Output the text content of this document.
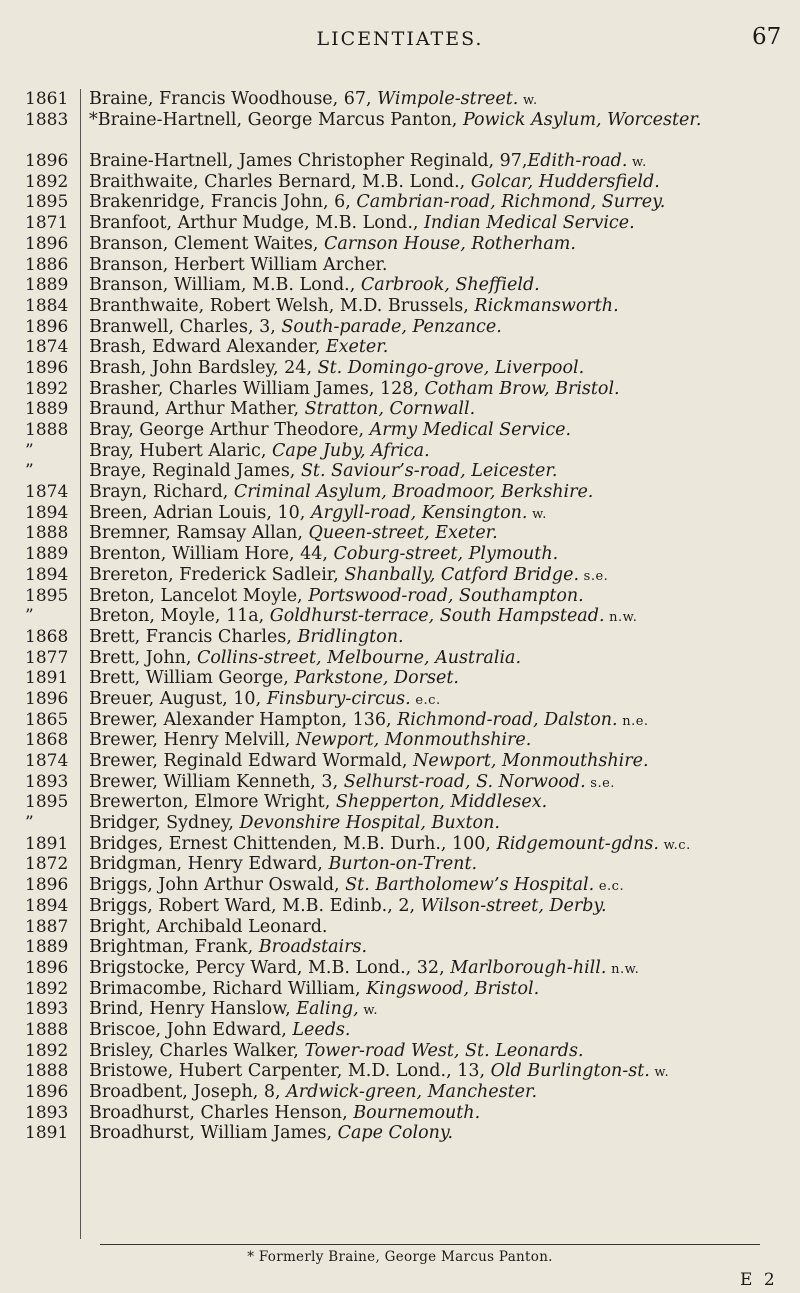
LICENTIATES.	67
1861	Braine, Francis Woodhouse, 67, Wimpole-street. w.
1883	*Braine-Hartnell, George Marcus Panton, Powick Asylum, Worcester.
1896	Braine-Hartnell, James Christopher Reginald, 97,Edith-road. w.
1892	Braithwaite, Charles Bernard, M.B. Lond., Golcar, Huddersfield.
1895	Brakenridge, Francis John, 6, Cambrian-road, Richmond, Surrey.
1871	Branfoot, Arthur Mudge, M.B. Lond., Indian Medical Service.
1896	Branson, Clement Waites, Carnson House, Rotherham.
1886	Branson, Herbert William Archer.
1889	Branson, William, M.B. Lond., Carbrook, Sheffield.
1884	Branthwaite, Robert Welsh, M.D. Brussels, Rickmansworth.
1896	Branwell, Charles, 3, South-parade, Penzance.
1874	Brash, Edward Alexander, Exeter.
1896	Brash, John Bardsley, 24, St. Domingo-grove, Liverpool.
1892	Brasher, Charles William James, 128, Cotham Brow, Bristol.
1889	Braund, Arthur Mather, Stratton, Cornwall.
1888	Bray, George Arthur Theodore, Army Medical Service.
”	Bray, Hubert Alaric, Cape Juby, Africa.
”	Braye, Reginald James, St. Saviour’s-road, Leicester.
1874	Brayn, Richard, Criminal Asylum, Broadmoor, Berkshire.
1894	Breen, Adrian Louis, 10, Argyll-road, Kensington. w.
1888	Bremner, Ramsay Allan, Queen-street, Exeter.
1889	Brenton, William Hore, 44, Coburg-street, Plymouth.
1894	Brereton, Frederick Sadleir, Shanbally, Catford Bridge. s.e.
1895	Breton, Lancelot Moyle, Portswood-road, Southampton.
”	Breton, Moyle, 11a, Goldhurst-terrace, South Hampstead. n.w.
1868	Brett, Francis Charles, Bridlington.
1877	Brett, John, Collins-street, Melbourne, Australia.
1891	Brett, William George, Parkstone, Dorset.
1896	Breuer, August, 10, Finsbury-circus. e.c.
1865	Brewer, Alexander Hampton, 136, Richmond-road, Dalston. n.e.
1868	Brewer, Henry Melvill, Newport, Monmouthshire.
1874	Brewer, Reginald Edward Wormald, Newport, Monmouthshire.
1893	Brewer, William Kenneth, 3, Selhurst-road, S. Norwood. s.e.
1895	Brewerton, Elmore Wright, Shepperton, Middlesex.
”	Bridger, Sydney, Devonshire Hospital, Buxton.
1891	Bridges, Ernest Chittenden, M.B. Durh., 100, Ridgemount-gdns. w.c.
1872	Bridgman, Henry Edward, Burton-on-Trent.
1896	Briggs, John Arthur Oswald, St. Bartholomew’s Hospital. e.c.
1894	Briggs, Robert Ward, M.B. Edinb., 2, Wilson-street, Derby.
1887	Bright, Archibald Leonard.
1889	Brightman, Frank, Broadstairs.
1896	Brigstocke, Percy Ward, M.B. Lond., 32, Marlborough-hill. n.w.
1892	Brimacombe, Richard William, Kingswood, Bristol.
1893	Brind, Henry Hanslow, Ealing, w.
1888	Briscoe, John Edward, Leeds.
1892	Brisley, Charles Walker, Tower-road West, St. Leonards.
1888	Bristowe, Hubert Carpenter, M.D. Lond., 13, Old Burlington-st. w.
1896	Broadbent, Joseph, 8, Ardwick-green, Manchester.
1893	Broadhurst, Charles Henson, Bournemouth.
1891	Broadhurst, William James, Cape Colony.
* Formerly Braine, George Marcus Panton.
E 2
